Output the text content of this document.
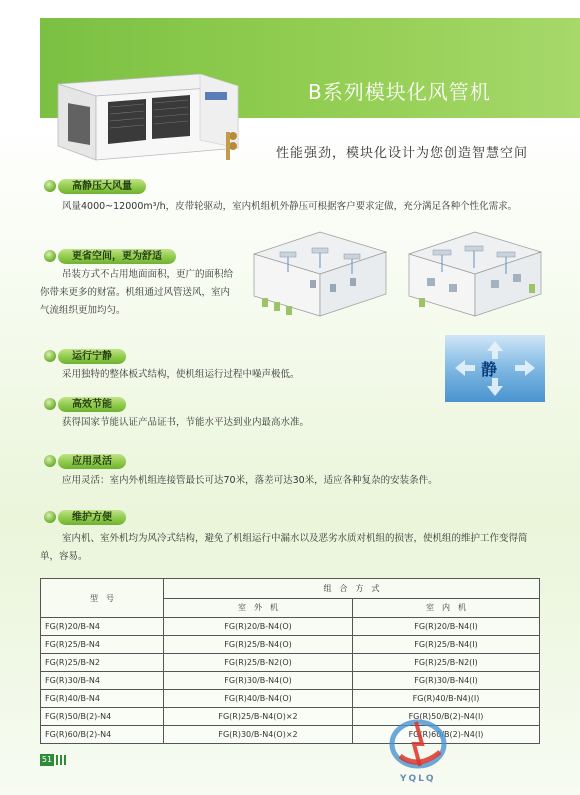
B系列模块化风管机
性能强劲，模块化设计为您创造智慧空间
高静压大风量
风量4000~12000m³/h，皮带轮驱动，室内机组机外静压可根据客户要求定做，充分满足各种个性化需求。
更省空间，更为舒适
吊装方式不占用地面面积，更广的面积给
你带来更多的财富。机组通过风管送风，室内
气流组织更加均匀。
静
运行宁静
采用独特的整体板式结构，使机组运行过程中噪声极低。
高效节能
获得国家节能认证产品证书，节能水平达到业内最高水准。
应用灵活
应用灵活：室内外机组连接管最长可达70米，落差可达30米，适应各种复杂的安装条件。
维护方便
室内机、室外机均为风冷式结构，避免了机组运行中漏水以及恶劣水质对机组的损害，使机组的维护工作变得简
单，容易。
型　号	组　合　方　式	
	室　外　机	室　内　机
FG(R)20/B-N4	FG(R)20/B-N4(O)	FG(R)20/B-N4(I)
FG(R)25/B-N4	FG(R)25/B-N4(O)	FG(R)25/B-N4(I)
FG(R)25/B-N2	FG(R)25/B-N2(O)	FG(R)25/B-N2(I)
FG(R)30/B-N4	FG(R)30/B-N4(O)	FG(R)30/B-N4(I)
FG(R)40/B-N4	FG(R)40/B-N4(O)	FG(R)40/B-N4)(I)
FG(R)50/B(2)-N4	FG(R)25/B-N4(O)×2	FG(R)50/B(2)-N4(I)
FG(R)60/B(2)-N4	FG(R)30/B-N4(O)×2	FG(R)60/B(2)-N4(I)
YQLQ
51
